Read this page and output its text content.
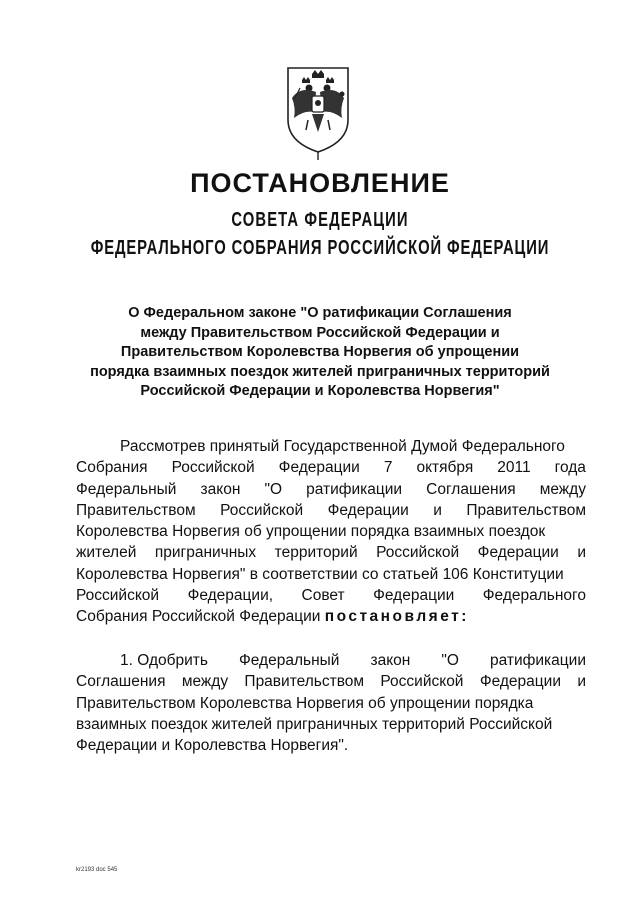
ПОСТАНОВЛЕНИЕ
СОВЕТА ФЕДЕРАЦИИ
ФЕДЕРАЛЬНОГО СОБРАНИЯ РОССИЙСКОЙ ФЕДЕРАЦИИ
О Федеральном законе "О ратификации Соглашения
между Правительством Российской Федерации и
Правительством Королевства Норвегия об упрощении
порядка взаимных поездок жителей приграничных территорий
Российской Федерации и Королевства Норвегия"
Рассмотрев принятый Государственной Думой Федерального
Собрания Российской Федерации 7 октября 2011 года
Федеральный закон "О ратификации Соглашения между
Правительством Российской Федерации и Правительством
Королевства Норвегия об упрощении порядка взаимных поездок
жителей приграничных территорий Российской Федерации и
Королевства Норвегия" в соответствии со статьей 106 Конституции
Российской Федерации, Совет Федерации Федерального
Собрания Российской Федерации постановляет:
1. Одобрить Федеральный закон "О ратификации
Соглашения между Правительством Российской Федерации и
Правительством Королевства Норвегия об упрощении порядка
взаимных поездок жителей приграничных территорий Российской
Федерации и Королевства Норвегия".
kr2193 doc 545
